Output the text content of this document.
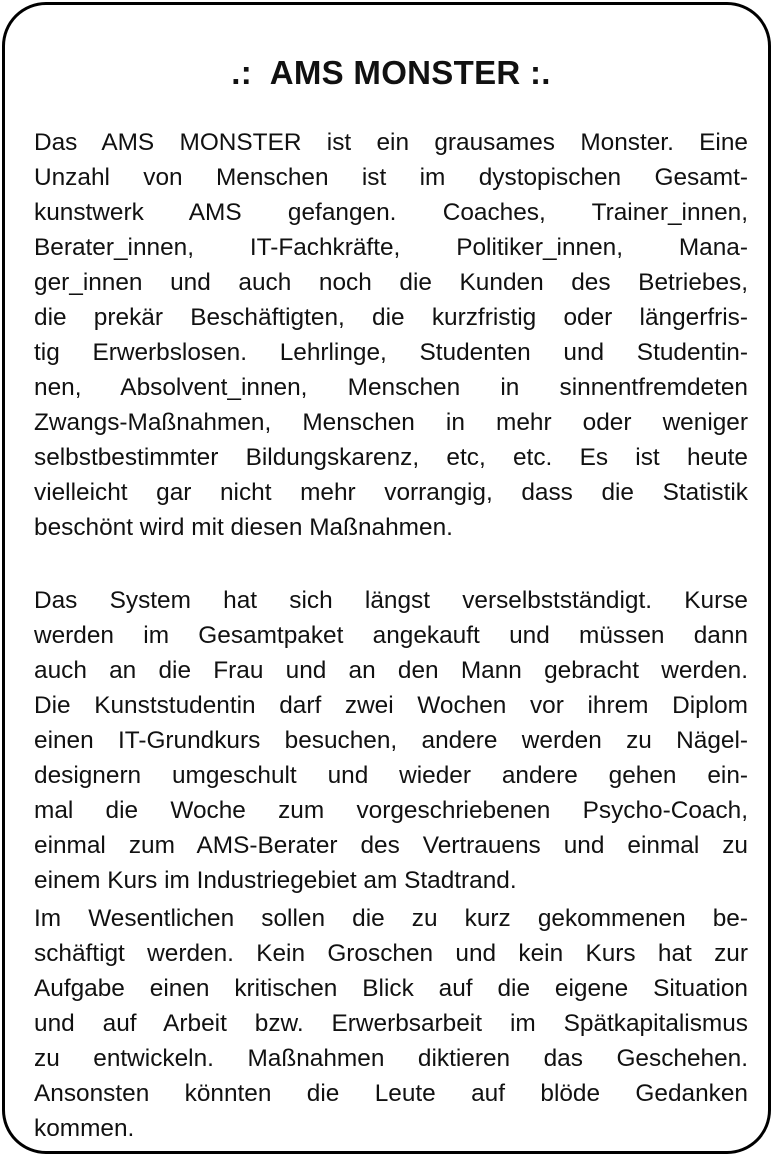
.:  AMS MONSTER :.
Das AMS MONSTER ist ein grausames Monster. Eine
Unzahl von Menschen ist im dystopischen Gesamt-
kunstwerk AMS gefangen. Coaches, Trainer_innen,
Berater_innen, IT-Fachkräfte, Politiker_innen, Mana-
ger_innen und auch noch die Kunden des Betriebes,
die prekär Beschäftigten, die kurzfristig oder längerfris-
tig Erwerbslosen. Lehrlinge, Studenten und Studentin-
nen, Absolvent_innen, Menschen in sinnentfremdeten
Zwangs-Maßnahmen, Menschen in mehr oder weniger
selbstbestimmter Bildungskarenz, etc, etc. Es ist heute
vielleicht gar nicht mehr vorrangig, dass die Statistik
beschönt wird mit diesen Maßnahmen.
Das System hat sich längst verselbstständigt. Kurse
werden im Gesamtpaket angekauft und müssen dann
auch an die Frau und an den Mann gebracht werden.
Die Kunststudentin darf zwei Wochen vor ihrem Diplom
einen IT-Grundkurs besuchen, andere werden zu Nägel-
designern umgeschult und wieder andere gehen ein-
mal die Woche zum vorgeschriebenen Psycho-Coach,
einmal zum AMS-Berater des Vertrauens und einmal zu
einem Kurs im Industriegebiet am Stadtrand.
Im Wesentlichen sollen die zu kurz gekommenen be-
schäftigt werden. Kein Groschen und kein Kurs hat zur
Aufgabe einen kritischen Blick auf die eigene Situation
und auf Arbeit bzw. Erwerbsarbeit im Spätkapitalismus
zu entwickeln. Maßnahmen diktieren das Geschehen.
Ansonsten könnten die Leute auf blöde Gedanken
kommen.
